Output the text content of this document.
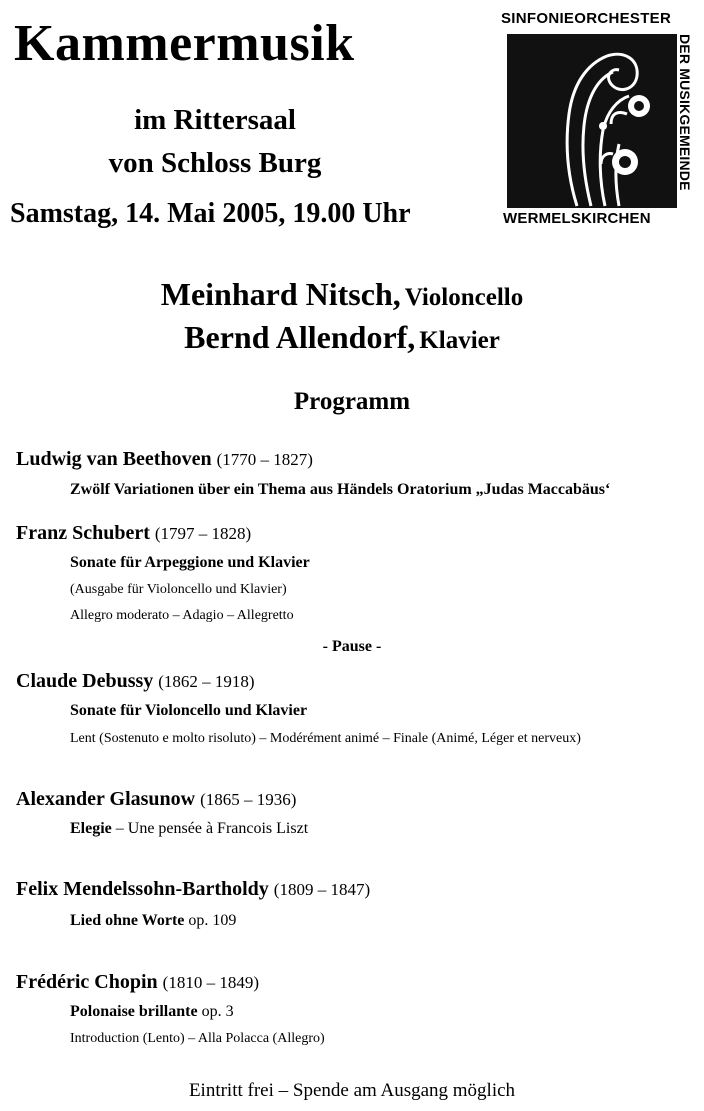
Kammermusik
im Rittersaal
von Schloss Burg
Samstag, 14. Mai 2005, 19.00 Uhr
SINFONIEORCHESTER
DER MUSIKGEMEINDE
WERMELSKIRCHEN
Meinhard Nitsch, Violoncello
Bernd Allendorf, Klavier
Programm
Ludwig van Beethoven (1770 – 1827)
Zwölf Variationen über ein Thema aus Händels Oratorium „Judas Maccabäus‘
Franz Schubert (1797 – 1828)
Sonate für Arpeggione und Klavier
(Ausgabe für Violoncello und Klavier)
Allegro moderato – Adagio – Allegretto
- Pause -
Claude Debussy (1862 – 1918)
Sonate für Violoncello und Klavier
Lent (Sostenuto e molto risoluto) – Modérément animé – Finale (Animé, Léger et nerveux)
Alexander Glasunow (1865 – 1936)
Elegie – Une pensée à Francois Liszt
Felix Mendelssohn-Bartholdy (1809 – 1847)
Lied ohne Worte op. 109
Frédéric Chopin (1810 – 1849)
Polonaise brillante op. 3
Introduction (Lento) – Alla Polacca (Allegro)
Eintritt frei – Spende am Ausgang möglich
